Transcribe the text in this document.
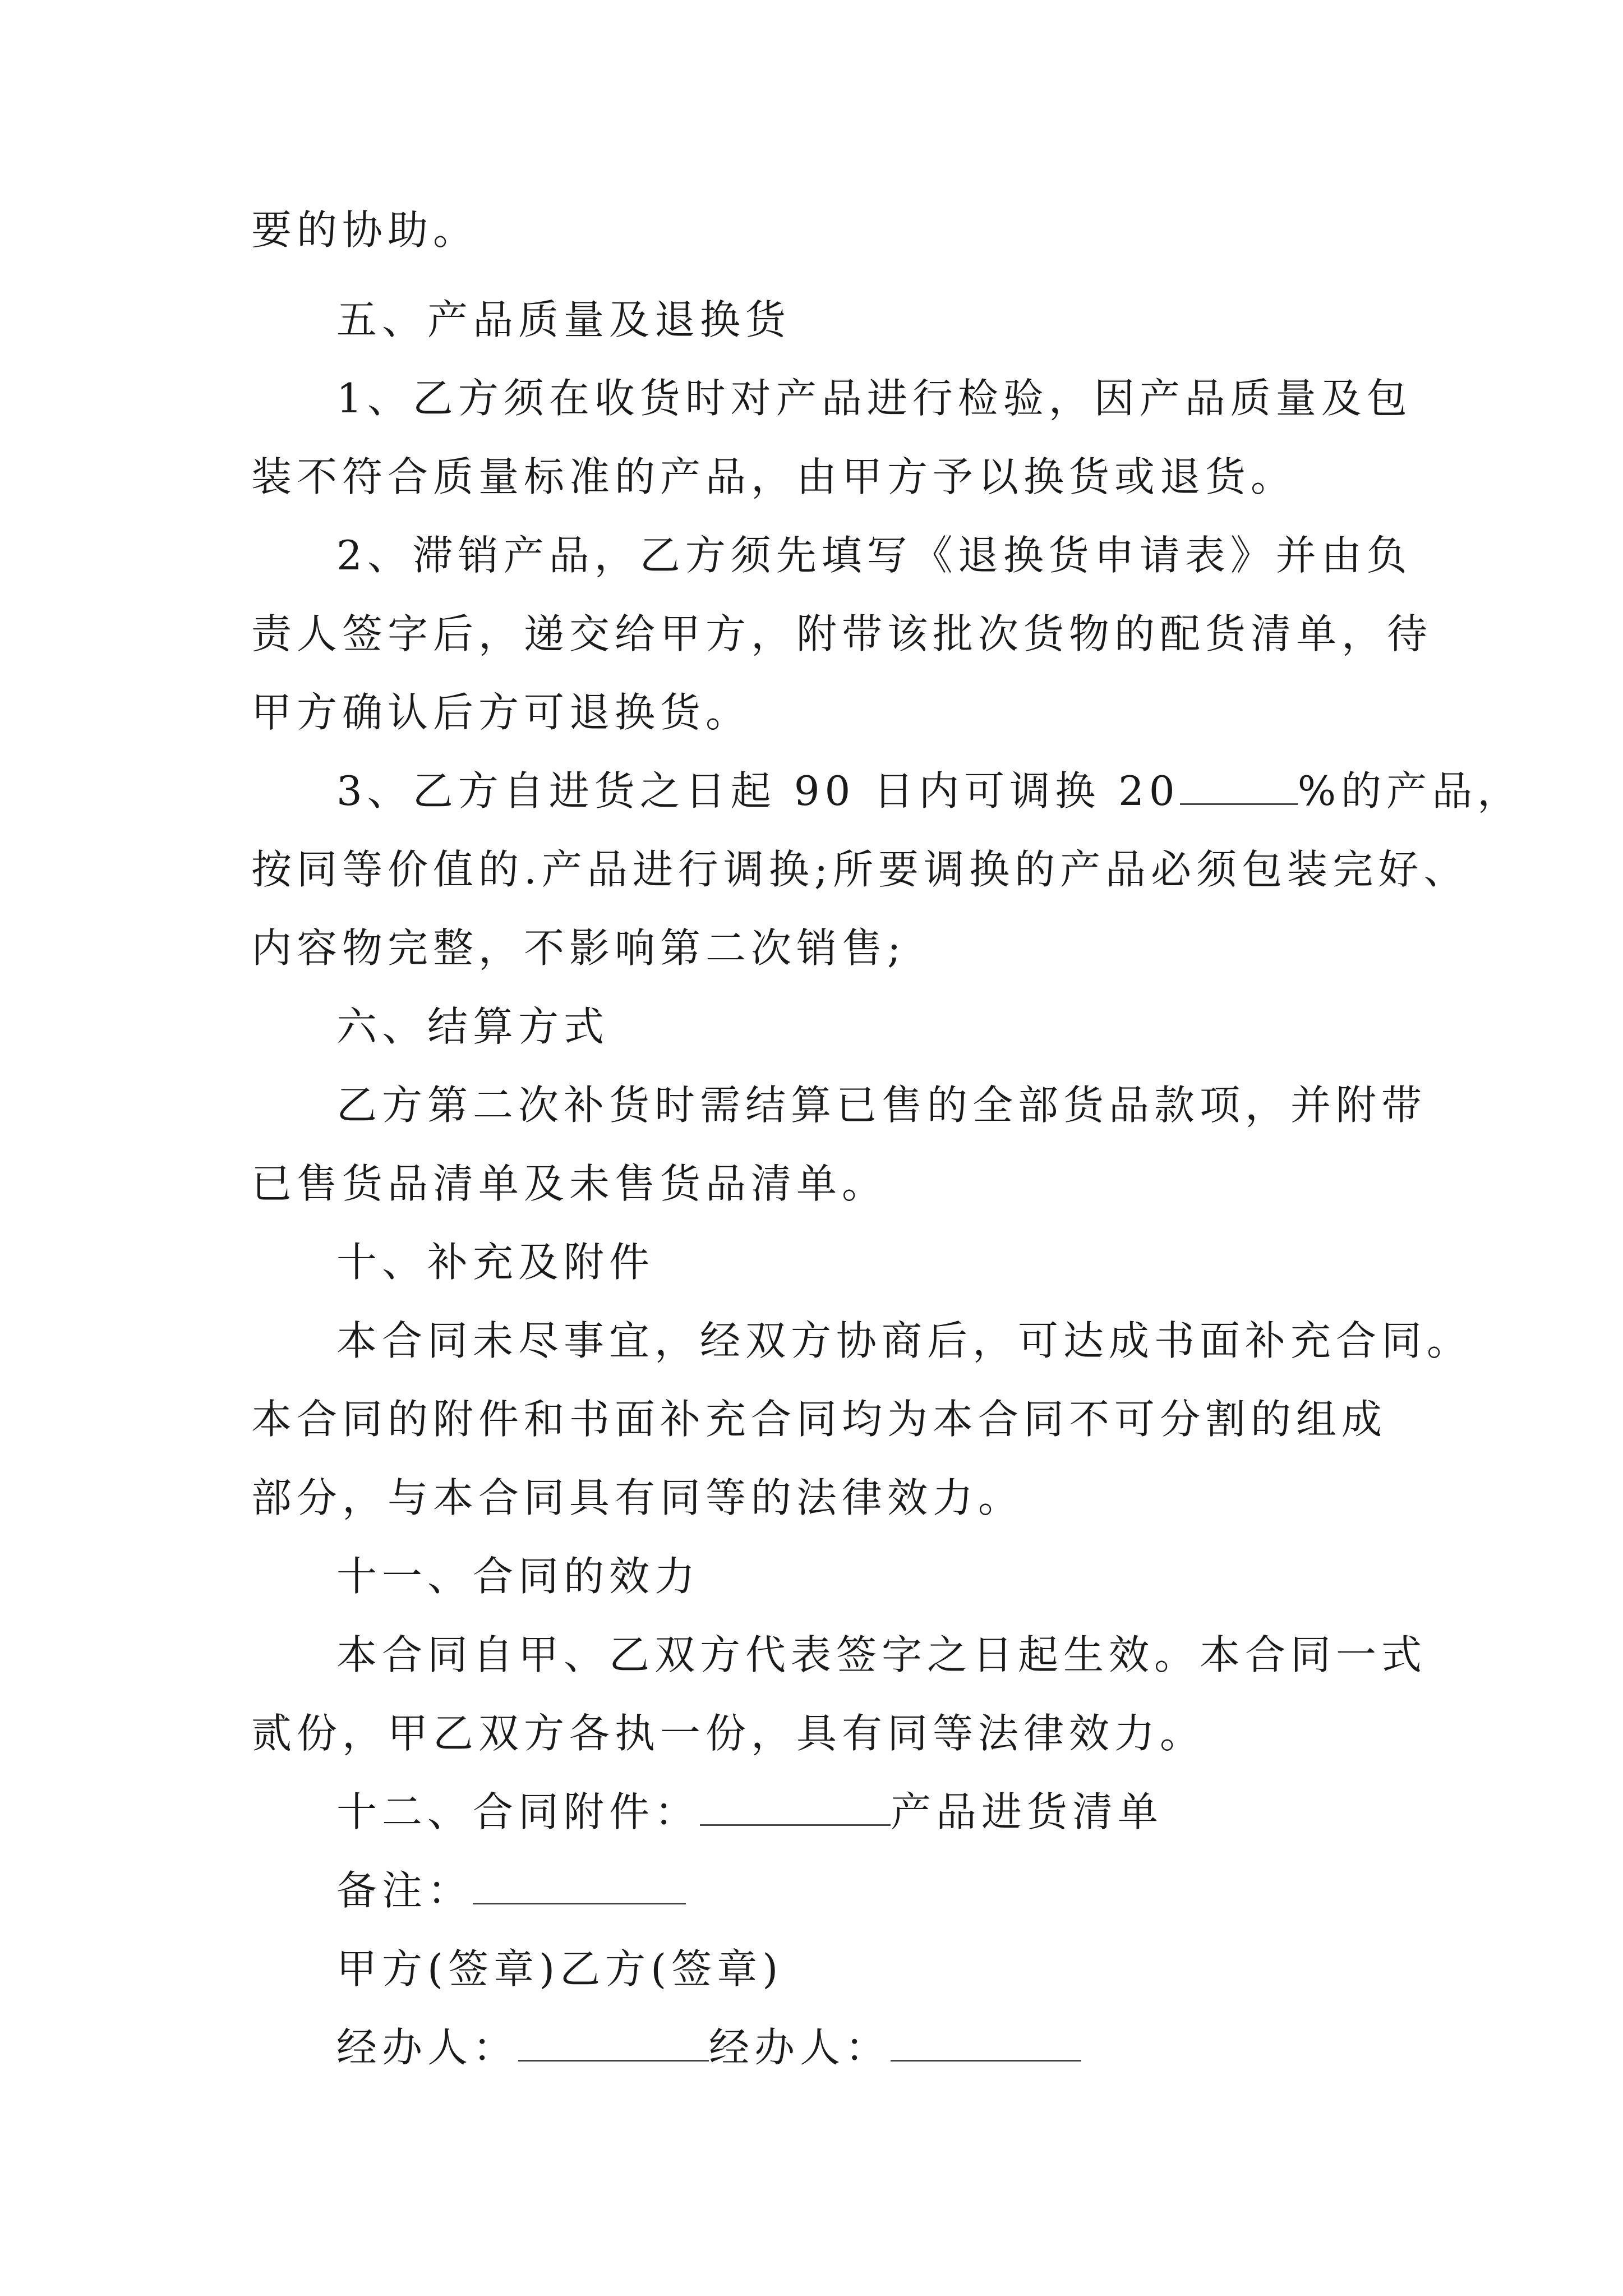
要的协助。
五、产品质量及退换货
1、乙方须在收货时对产品进行检验，因产品质量及包
装不符合质量标准的产品，由甲方予以换货或退货。
2、滞销产品，乙方须先填写《退换货申请表》并由负
责人签字后，递交给甲方，附带该批次货物的配货清单，待
甲方确认后方可退换货。
3、乙方自进货之日起 90 日内可调换 20	%的产品，
按同等价值的.产品进行调换;所要调换的产品必须包装完好、
内容物完整，不影响第二次销售;
六、结算方式
乙方第二次补货时需结算已售的全部货品款项，并附带
已售货品清单及未售货品清单。
十、补充及附件
本合同未尽事宜，经双方协商后，可达成书面补充合同。
本合同的附件和书面补充合同均为本合同不可分割的组成
部分，与本合同具有同等的法律效力。
十一、合同的效力
本合同自甲、乙双方代表签字之日起生效。本合同一式
贰份，甲乙双方各执一份，具有同等法律效力。
十二、合同附件：	产品进货清单
备注：
甲方(签章)乙方(签章)
经办人：	经办人：
